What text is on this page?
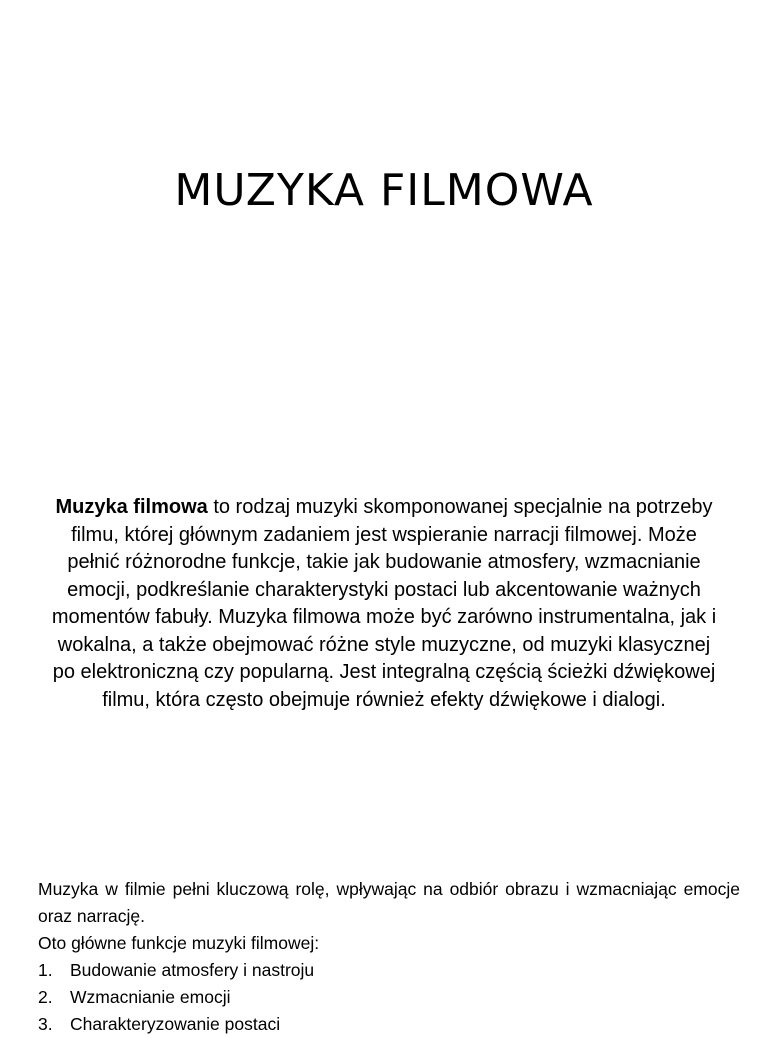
MUZYKA FILMOWA

Muzyka filmowa to rodzaj muzyki skomponowanej specjalnie na potrzeby filmu, której głównym zadaniem jest wspieranie narracji filmowej. Może pełnić różnorodne funkcje, takie jak budowanie atmosfery, wzmacnianie emocji, podkreślanie charakterystyki postaci lub akcentowanie ważnych momentów fabuły. Muzyka filmowa może być zarówno instrumentalna, jak i wokalna, a także obejmować różne style muzyczne, od muzyki klasycznej po elektroniczną czy popularną. Jest integralną częścią ścieżki dźwiękowej filmu, która często obejmuje również efekty dźwiękowe i dialogi.

Muzyka w filmie pełni kluczową rolę, wpływając na odbiór obrazu i wzmacniając emocje oraz narrację.

Oto główne funkcje muzyki filmowej:

1. Budowanie atmosfery i nastroju
2. Wzmacnianie emocji
3. Charakteryzowanie postaci
